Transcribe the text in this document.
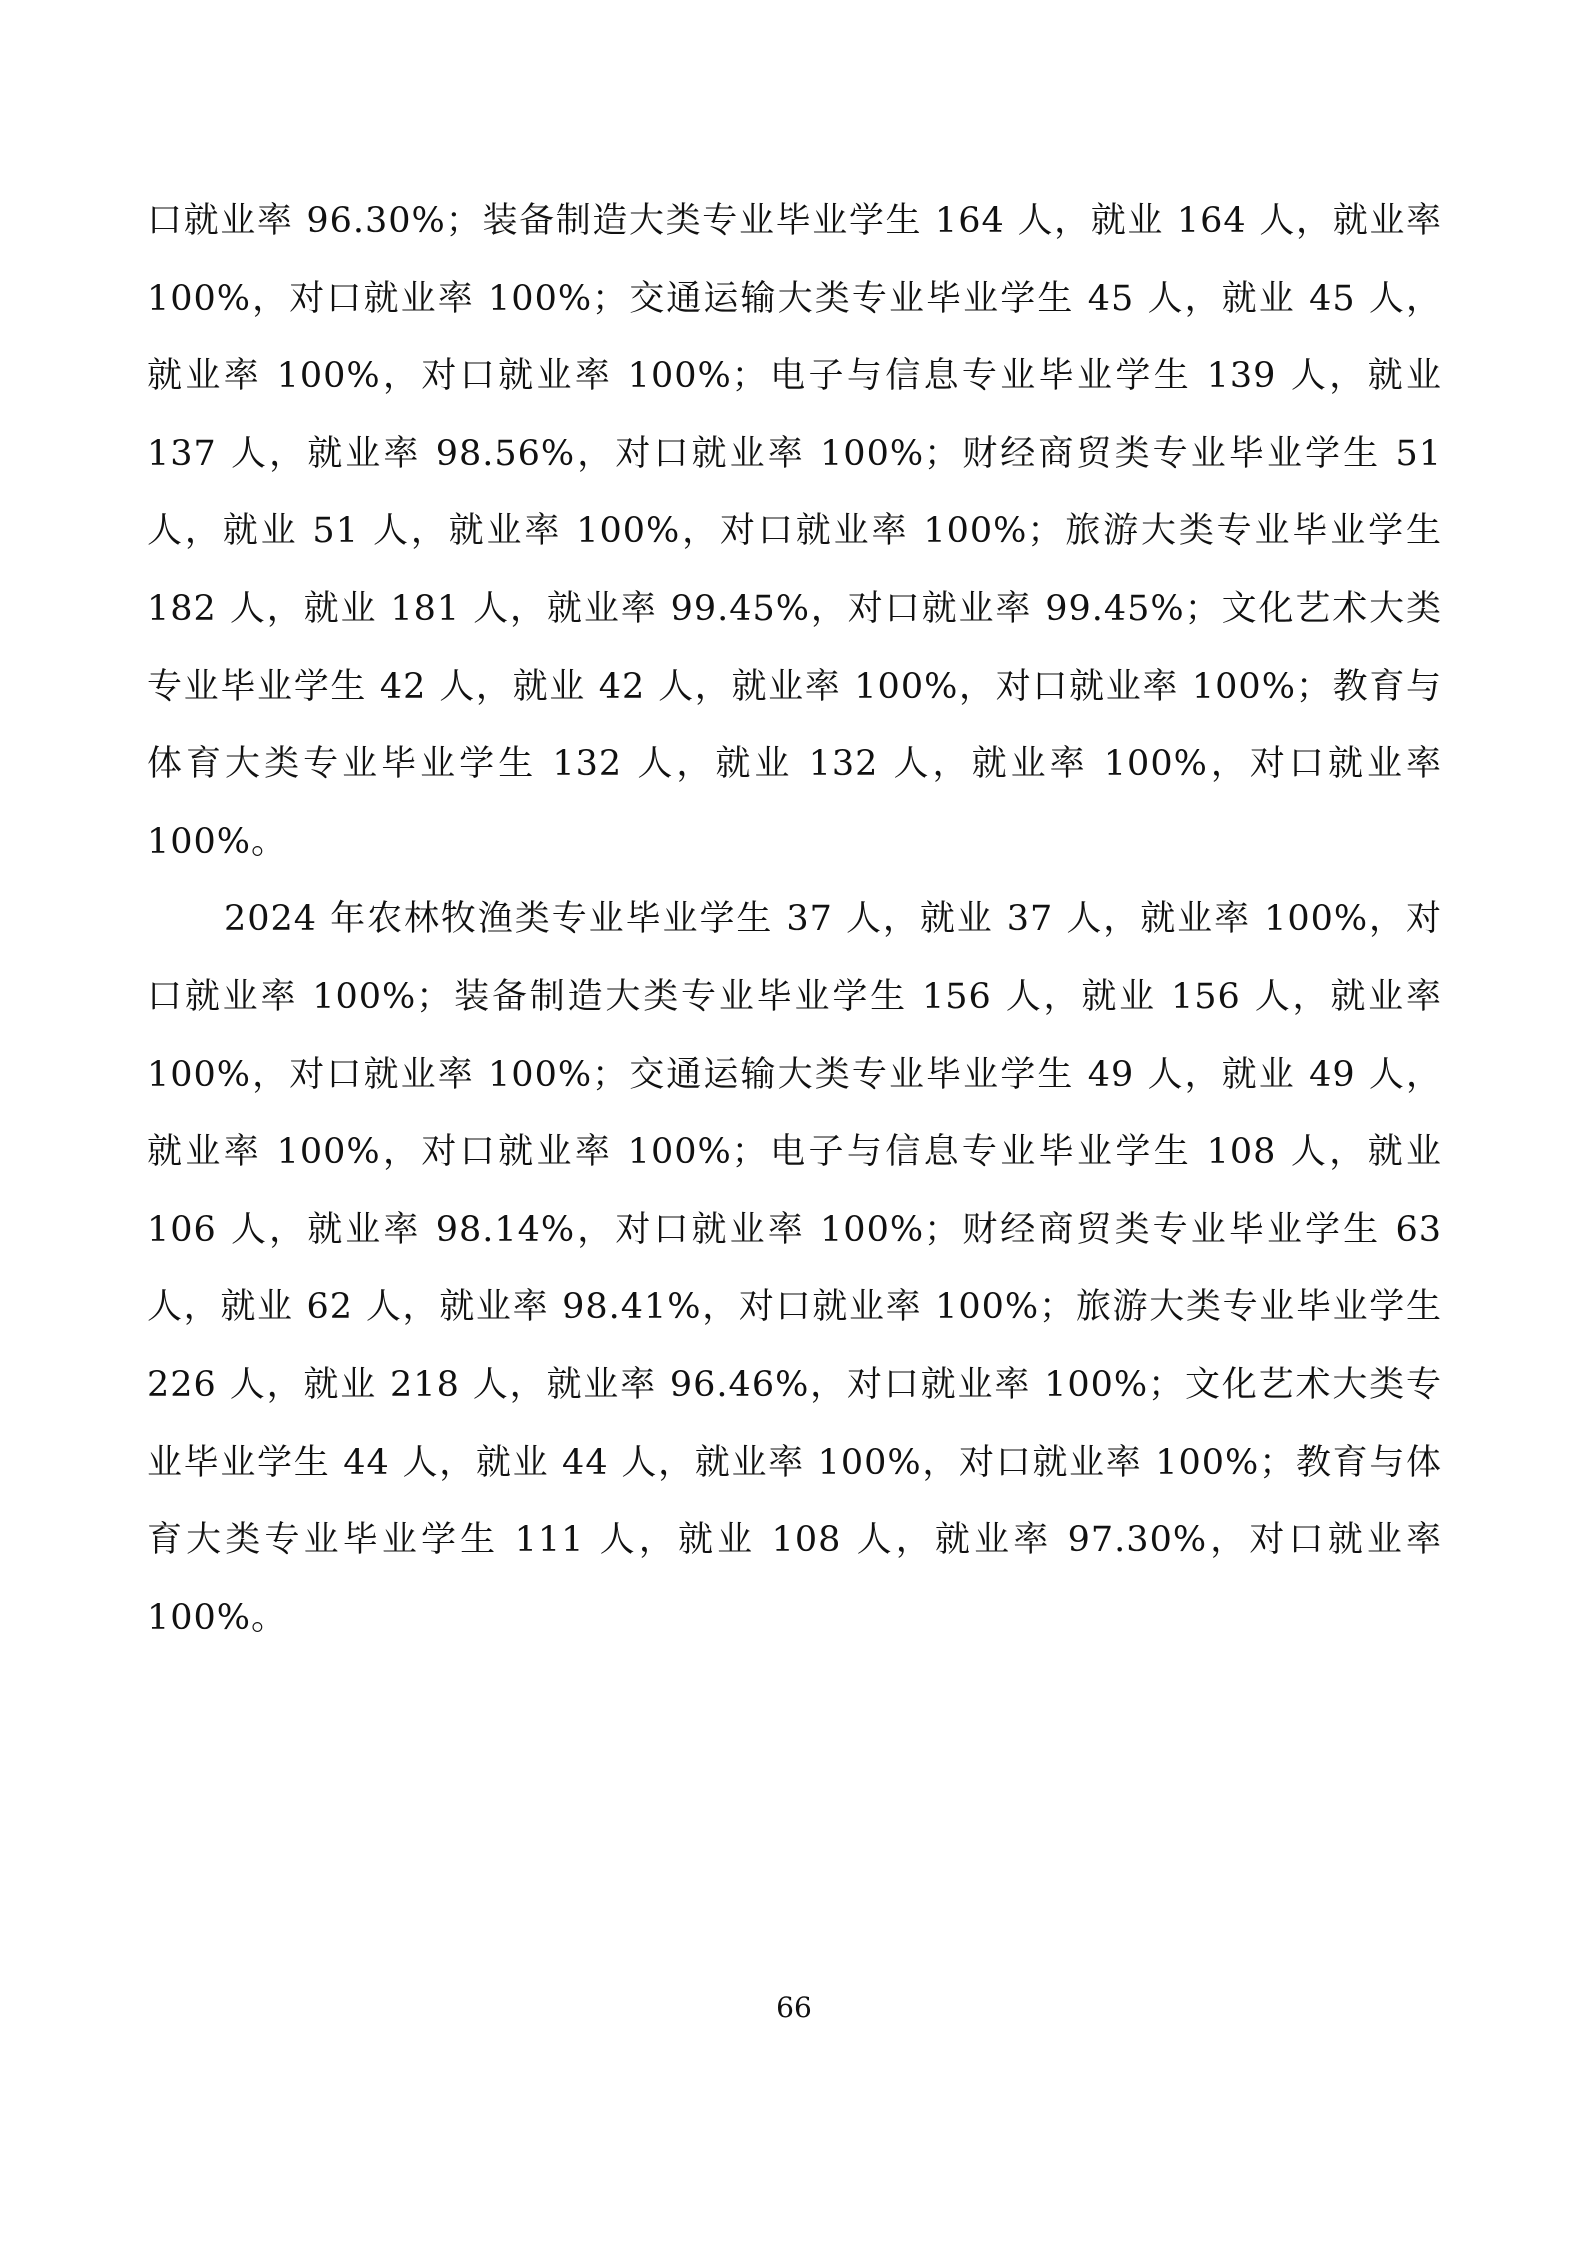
口就业率 96.30%；装备制造大类专业毕业学生 164 人，就业 164 人，就业率 100%，对口就业率 100%；交通运输大类专业毕业学生 45 人，就业 45 人，就业率 100%，对口就业率 100%；电子与信息专业毕业学生 139 人，就业 137 人，就业率 98.56%，对口就业率 100%；财经商贸类专业毕业学生 51 人，就业 51 人，就业率 100%，对口就业率 100%；旅游大类专业毕业学生 182 人，就业 181 人，就业率 99.45%，对口就业率 99.45%；文化艺术大类专业毕业学生 42 人，就业 42 人，就业率 100%，对口就业率 100%；教育与体育大类专业毕业学生 132 人，就业 132 人，就业率 100%，对口就业率 100%。

2024 年农林牧渔类专业毕业学生 37 人，就业 37 人，就业率 100%，对口就业率 100%；装备制造大类专业毕业学生 156 人，就业 156 人，就业率 100%，对口就业率 100%；交通运输大类专业毕业学生 49 人，就业 49 人，就业率 100%，对口就业率 100%；电子与信息专业毕业学生 108 人，就业 106 人，就业率 98.14%，对口就业率 100%；财经商贸类专业毕业学生 63 人，就业 62 人，就业率 98.41%，对口就业率 100%；旅游大类专业毕业学生 226 人，就业 218 人，就业率 96.46%，对口就业率 100%；文化艺术大类专业毕业学生 44 人，就业 44 人，就业率 100%，对口就业率 100%；教育与体育大类专业毕业学生 111 人，就业 108 人，就业率 97.30%，对口就业率 100%。

66
